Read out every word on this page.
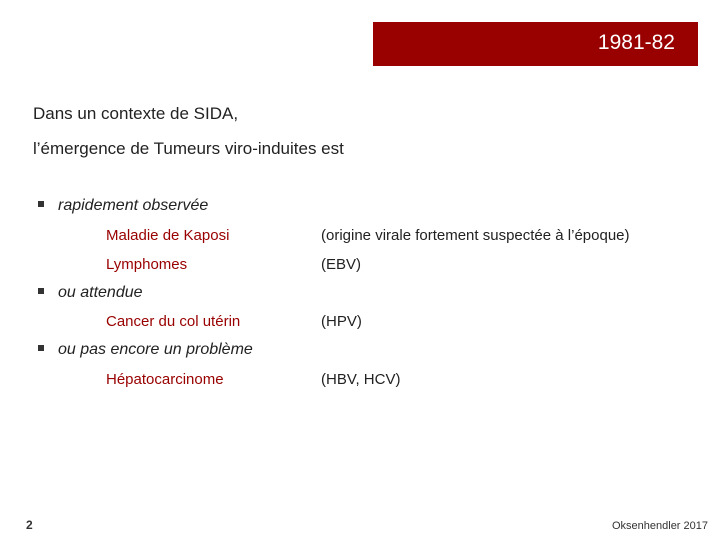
1981-82
Dans un contexte de SIDA,
l’émergence de Tumeurs viro-induites est
rapidement observée
Maladie de Kaposi	(origine virale fortement suspectée à l’époque)
Lymphomes	(EBV)
ou attendue
Cancer du col utérin	(HPV)
ou pas encore un problème
Hépatocarcinome	(HBV, HCV)
2	Oksenhendler 2017
